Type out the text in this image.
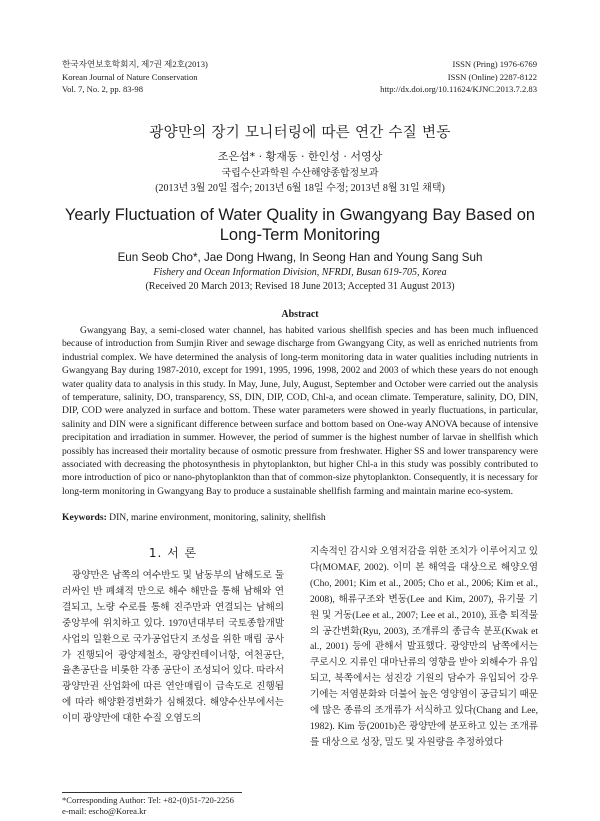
한국자연보호학회지, 제7권 제2호(2013)
Korean Journal of Nature Conservation
Vol. 7, No. 2, pp. 83-98
ISSN (Pring) 1976-6769
ISSN (Online) 2287-8122
http://dx.doi.org/10.11624/KJNC.2013.7.2.83
광양만의 장기 모니터링에 따른 연간 수질 변동
조은섭* · 황재동 · 한인성 · 서영상
국립수산과학원 수산해양종합정보과
(2013년 3월 20일 접수; 2013년 6월 18일 수정; 2013년 8월 31일 채택)
Yearly Fluctuation of Water Quality in Gwangyang Bay Based on Long-Term Monitoring
Eun Seob Cho*, Jae Dong Hwang, In Seong Han and Young Sang Suh
Fishery and Ocean Information Division, NFRDI, Busan 619-705, Korea
(Received 20 March 2013; Revised 18 June 2013; Accepted 31 August 2013)
Abstract

Gwangyang Bay, a semi-closed water channel, has habited various shellfish species and has been much influenced because of introduction from Sumjin River and sewage discharge from Gwangyang City, as well as enriched nutrients from industrial complex. We have determined the analysis of long-term monitoring data in water qualities including nutrients in Gwangyang Bay during 1987-2010, except for 1991, 1995, 1996, 1998, 2002 and 2003 of which these years do not enough water quality data to analysis in this study. In May, June, July, August, September and October were carried out the analysis of temperature, salinity, DO, transparency, SS, DIN, DIP, COD, Chl-a, and ocean climate. Temperature, salinity, DO, DIN, DIP, COD were analyzed in surface and bottom. These water parameters were showed in yearly fluctuations, in particular, salinity and DIN were a significant difference between surface and bottom based on One-way ANOVA because of intensive precipitation and irradiation in summer. However, the period of summer is the highest number of larvae in shellfish which possibly has increased their mortality because of osmotic pressure from freshwater. Higher SS and lower transparency were associated with decreasing the photosynthesis in phytoplankton, but higher Chl-a in this study was possibly contributed to more introduction of pico or nano-phytoplankton than that of common-size phytoplankton. Consequently, it is necessary for long-term monitoring in Gwangyang Bay to produce a sustainable shellfish farming and maintain marine eco-system.

Keywords: DIN, marine environment, monitoring, salinity, shellfish
1. 서 론

광양만은 남쪽의 여수반도 및 남동부의 남해도로 둘러싸인 반 폐쇄적 만으로 해수 해만을 통해 남해와 연결되고, 노량 수로를 통해 진주만과 연결되는 남해의 중앙부에 위치하고 있다. 1970년대부터 국토종합개발사업의 일환으로 국가공업단지 조성을 위한 매립 공사가 진행되어 광양제철소, 광양컨테이너항, 여천공단, 율촌공단을 비롯한 각종 공단이 조성되어 있다. 따라서 광양만권 산업화에 따른 연안매립이 급속도로 진행됨에 따라 해양환경변화가 심해졌다. 해양수산부에서는 이미 광양만에 대한 수질 오염도의

지속적인 감시와 오염저감을 위한 조치가 이루어지고 있다(MOMAF, 2002). 이미 본 해역을 대상으로 해양오염(Cho, 2001; Kim et al., 2005; Cho et al., 2006; Kim et al., 2008), 해류구조와 변동(Lee and Kim, 2007), 유기물 기원 및 거동(Lee et al., 2007; Lee et al., 2010), 표층 퇴적물의 공간변화(Ryu, 2003), 조개류의 종급속 분포(Kwak et al., 2001) 등에 관해서 발표했다. 광양만의 남쪽에서는 쿠로시오 지류인 대마난류의 영향을 받아 외해수가 유입되고, 북쪽에서는 섬진강 기원의 담수가 유입되어 강우기에는 저염분화와 더불어 높은 영양염이 공급되기 때문에 많은 종류의 조개류가 서식하고 있다(Chang and Lee, 1982). Kim 등(2001b)은 광양만에 분포하고 있는 조개류를 대상으로 성장, 밀도 및 자원량을 추정하였다

*Corresponding Author: Tel: +82-(0)51-720-2256
e-mail: escho@Korea.kr
